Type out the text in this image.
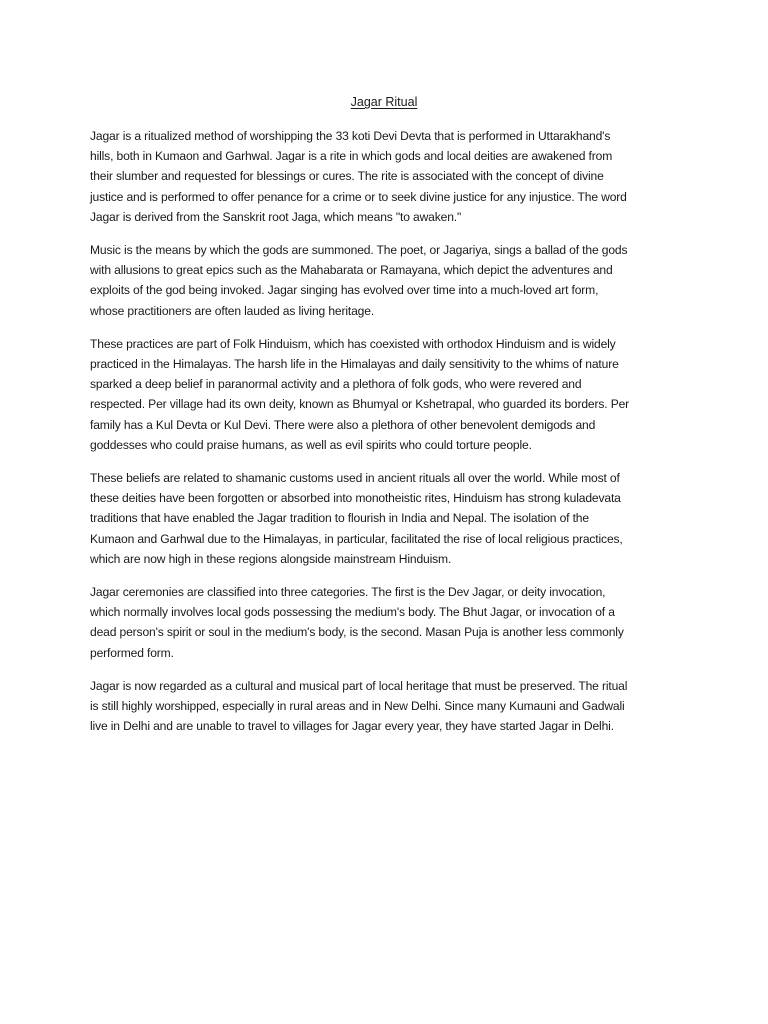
Jagar Ritual

Jagar is a ritualized method of worshipping the 33 koti Devi Devta that is performed in Uttarakhand's
hills, both in Kumaon and Garhwal. Jagar is a rite in which gods and local deities are awakened from
their slumber and requested for blessings or cures. The rite is associated with the concept of divine
justice and is performed to offer penance for a crime or to seek divine justice for any injustice. The word
Jagar is derived from the Sanskrit root Jaga, which means "to awaken."

Music is the means by which the gods are summoned. The poet, or Jagariya, sings a ballad of the gods
with allusions to great epics such as the Mahabarata or Ramayana, which depict the adventures and
exploits of the god being invoked. Jagar singing has evolved over time into a much-loved art form,
whose practitioners are often lauded as living heritage.

These practices are part of Folk Hinduism, which has coexisted with orthodox Hinduism and is widely
practiced in the Himalayas. The harsh life in the Himalayas and daily sensitivity to the whims of nature
sparked a deep belief in paranormal activity and a plethora of folk gods, who were revered and
respected. Per village had its own deity, known as Bhumyal or Kshetrapal, who guarded its borders. Per
family has a Kul Devta or Kul Devi. There were also a plethora of other benevolent demigods and
goddesses who could praise humans, as well as evil spirits who could torture people.

These beliefs are related to shamanic customs used in ancient rituals all over the world. While most of
these deities have been forgotten or absorbed into monotheistic rites, Hinduism has strong kuladevata
traditions that have enabled the Jagar tradition to flourish in India and Nepal. The isolation of the
Kumaon and Garhwal due to the Himalayas, in particular, facilitated the rise of local religious practices,
which are now high in these regions alongside mainstream Hinduism.

Jagar ceremonies are classified into three categories. The first is the Dev Jagar, or deity invocation,
which normally involves local gods possessing the medium's body. The Bhut Jagar, or invocation of a
dead person's spirit or soul in the medium's body, is the second. Masan Puja is another less commonly
performed form.

Jagar is now regarded as a cultural and musical part of local heritage that must be preserved. The ritual
is still highly worshipped, especially in rural areas and in New Delhi. Since many Kumauni and Gadwali
live in Delhi and are unable to travel to villages for Jagar every year, they have started Jagar in Delhi.
